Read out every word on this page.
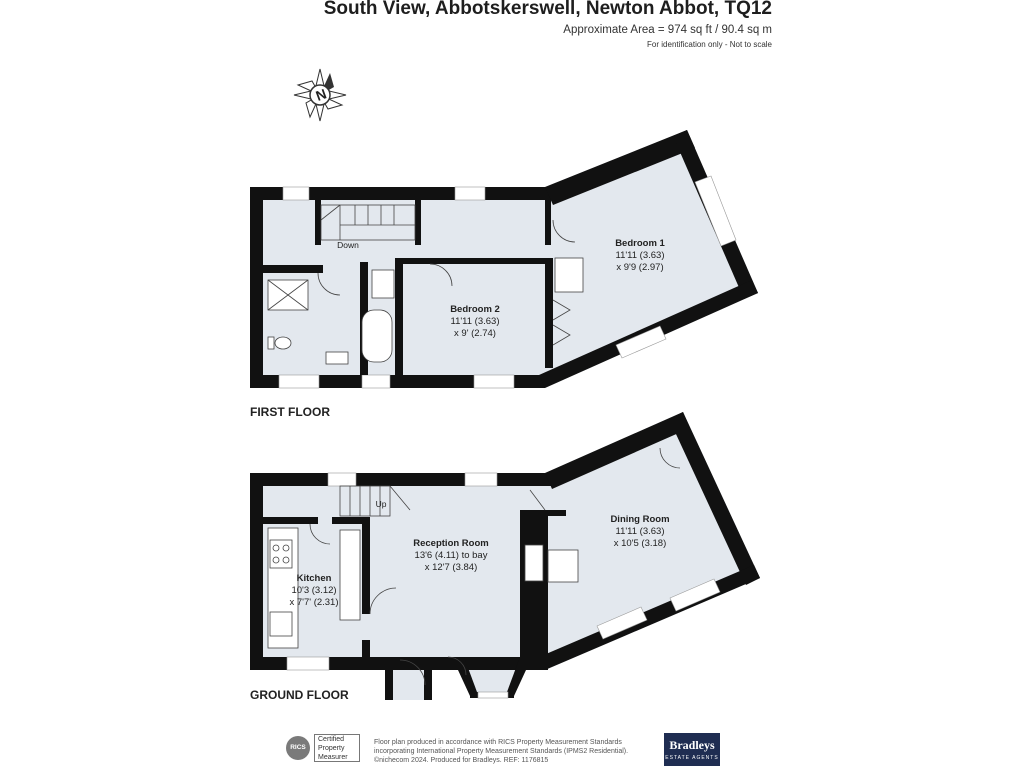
South View, Abbotskerswell, Newton Abbot, TQ12
Approximate Area = 974 sq ft / 90.4 sq m
For identification only - Not to scale
N
Bedroom 1
11'11 (3.63)
x 9'9 (2.97)
Bedroom 2
11'11 (3.63)
x 9' (2.74)
Down
Reception Room
13'6 (4.11) to bay
x 12'7 (3.84)
Dining Room
11'11 (3.63)
x 10'5 (3.18)
Kitchen
10'3 (3.12)
x 7'7' (2.31)
Up
FIRST FLOOR
GROUND FLOOR
RICS
Certified
Property
Measurer
Floor plan produced in accordance with RICS Property Measurement Standards incorporating International Property Measurement Standards (IPMS2 Residential). ©nichecom 2024. Produced for Bradleys. REF: 1176815
Bradleys
ESTATE AGENTS
